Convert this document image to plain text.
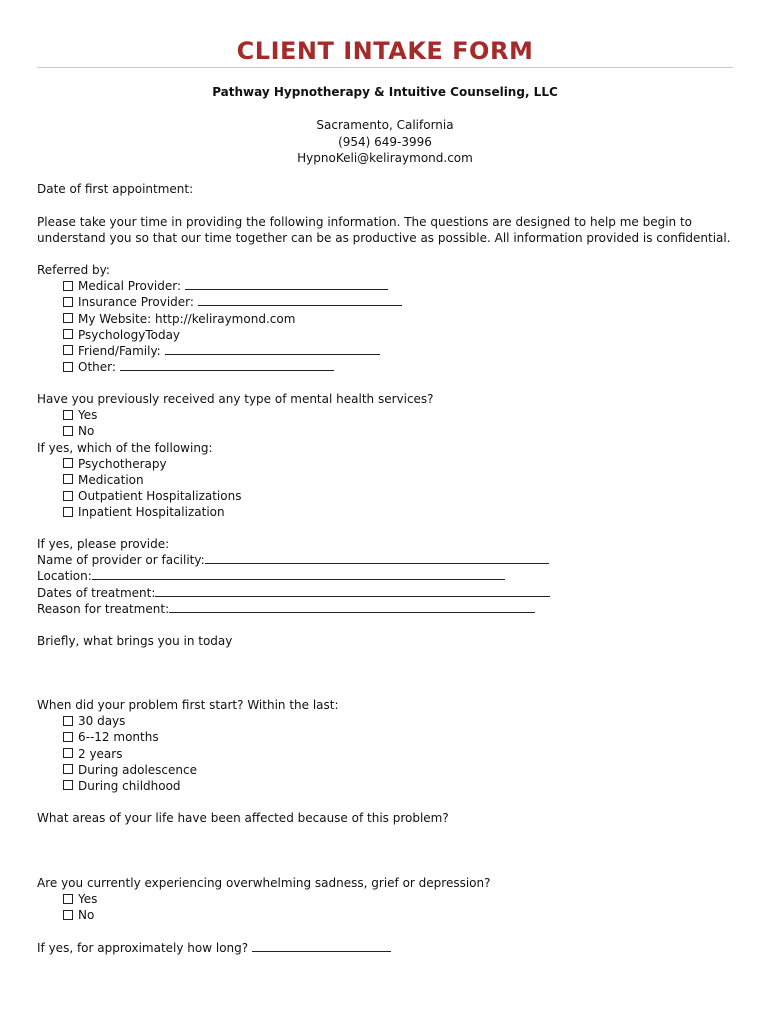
CLIENT INTAKE FORM
Pathway Hypnotherapy & Intuitive Counseling, LLC
Sacramento, California
(954) 649-3996
HypnoKeli@keliraymond.com
Date of first appointment:
Please take your time in providing the following information. The questions are designed to help me begin to
understand you so that our time together can be as productive as possible. All information provided is confidential.
Referred by:
Medical Provider:
Insurance Provider:
My Website: http://keliraymond.com
PsychologyToday
Friend/Family:
Other:
Have you previously received any type of mental health services?
Yes
No
If yes, which of the following:
Psychotherapy
Medication
Outpatient Hospitalizations
Inpatient Hospitalization
If yes, please provide:
Name of provider or facility:
Location:
Dates of treatment:
Reason for treatment:
Briefly, what brings you in today
When did your problem first start? Within the last:
30 days
6--12 months
2 years
During adolescence
During childhood
What areas of your life have been affected because of this problem?
Are you currently experiencing overwhelming sadness, grief or depression?
Yes
No
If yes, for approximately how long?
